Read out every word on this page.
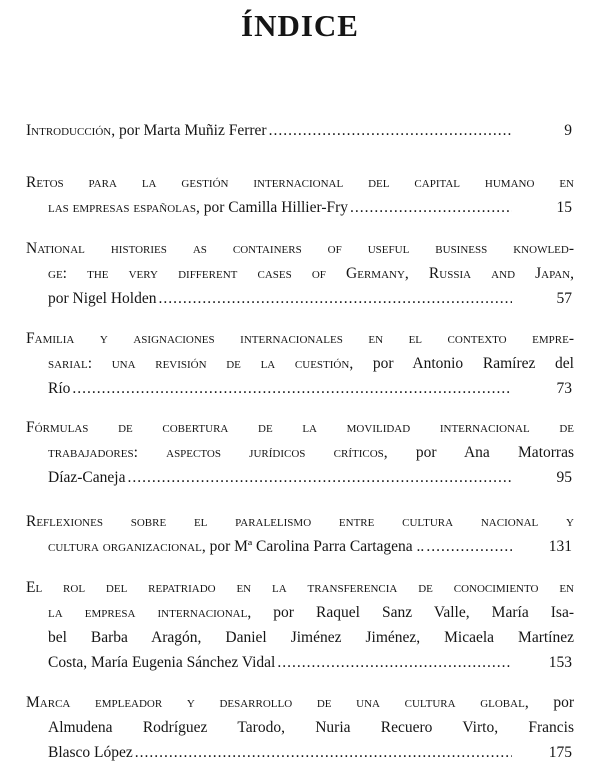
ÍNDICE
Introducción, por Marta Muñiz Ferrer .....	9
Retos para la gestión internacional del capital humano en
las empresas españolas, por Camilla Hillier-Fry .....	15
National histories as containers of useful business knowled-
ge: the very different cases of Germany, Russia and Japan,
por Nigel Holden .....	57
Familia y asignaciones internacionales en el contexto empre-
sarial: una revisión de la cuestión, por Antonio Ramírez del
Río .....	73
Fórmulas de cobertura de la movilidad internacional de
trabajadores: aspectos jurídicos críticos, por Ana Matorras
Díaz-Caneja .....	95
Reflexiones sobre el paralelismo entre cultura nacional y
cultura organizacional, por Mª Carolina Parra Cartagena .. .....	131
El rol del repatriado en la transferencia de conocimiento en
la empresa internacional, por Raquel Sanz Valle, María Isa-
bel Barba Aragón, Daniel Jiménez Jiménez, Micaela Martínez
Costa, María Eugenia Sánchez Vidal .....	153
Marca empleador y desarrollo de una cultura global, por
Almudena Rodríguez Tarodo, Nuria Recuero Virto, Francis
Blasco López .....	175
